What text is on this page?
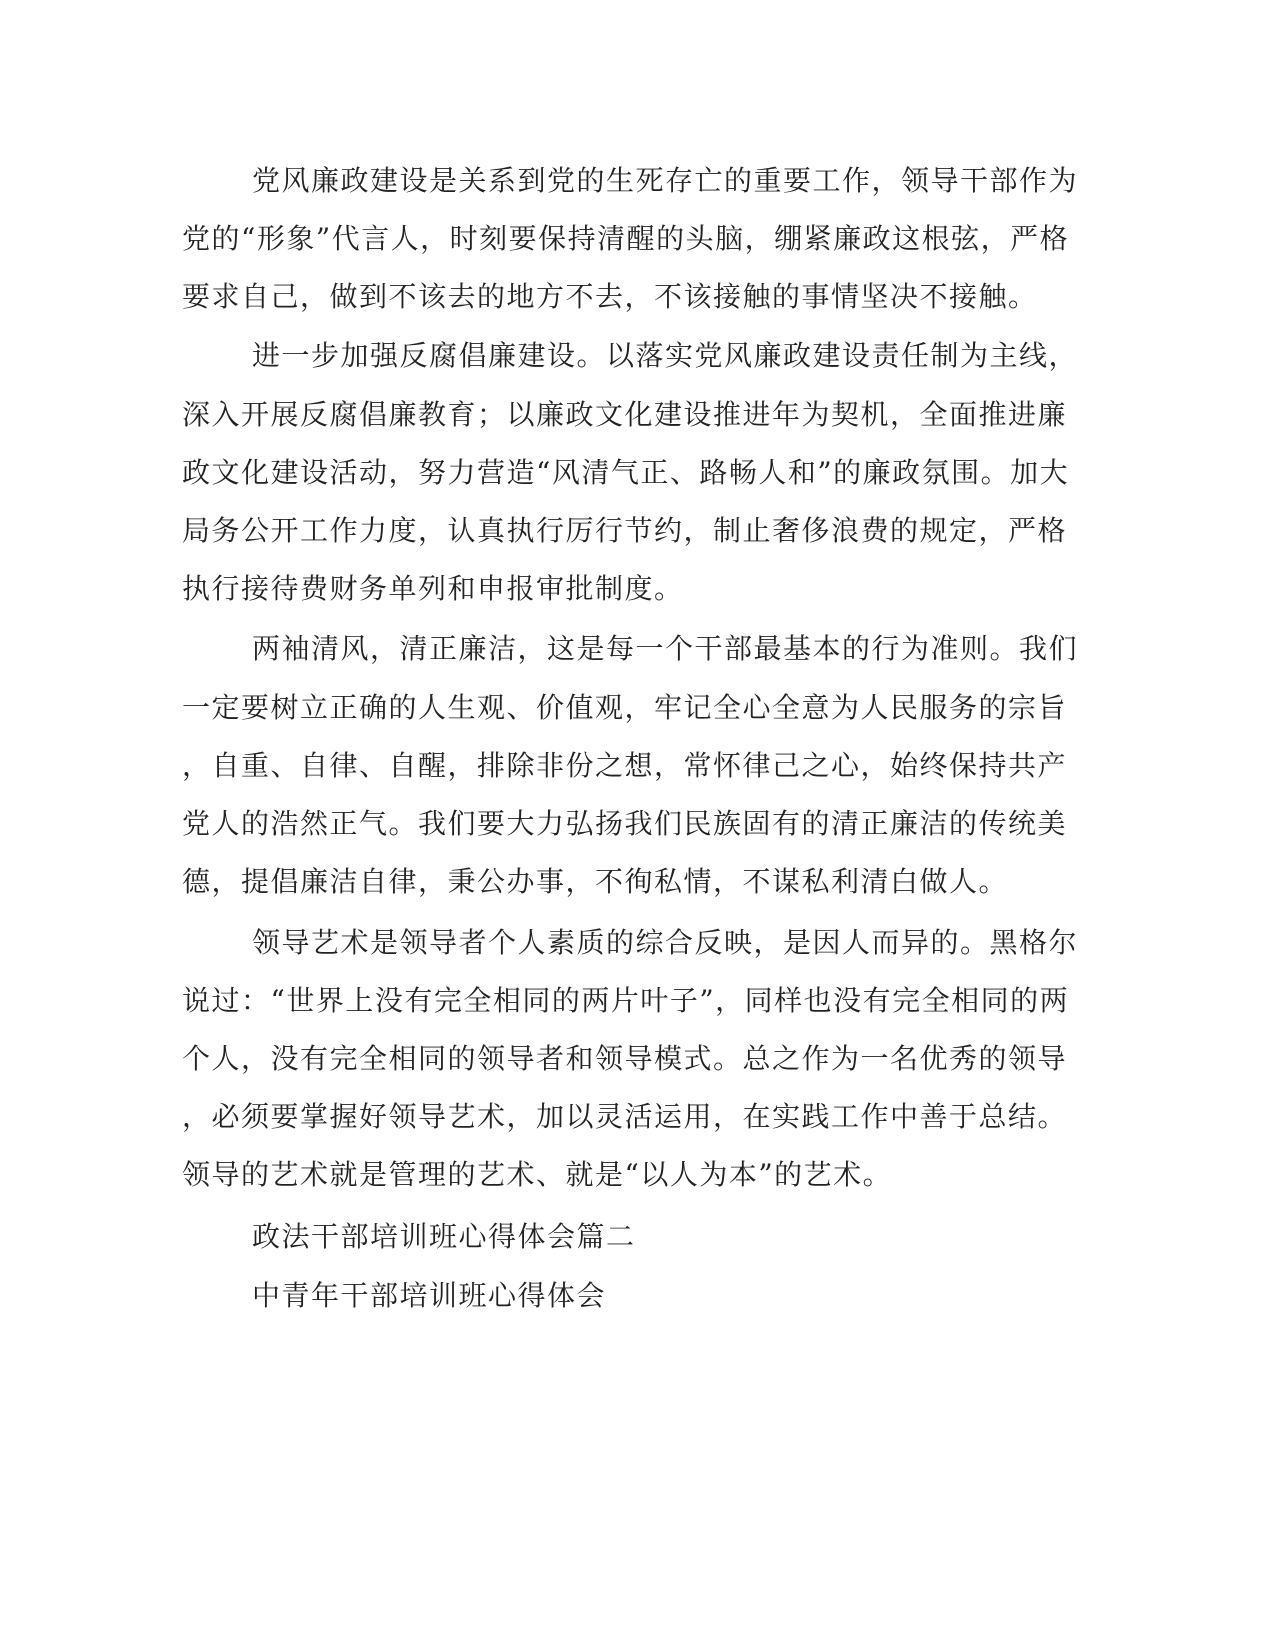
党风廉政建设是关系到党的生死存亡的重要工作，领导干部作为
党的“形象”代言人，时刻要保持清醒的头脑，绷紧廉政这根弦，严格
要求自己，做到不该去的地方不去，不该接触的事情坚决不接触。
进一步加强反腐倡廉建设。以落实党风廉政建设责任制为主线，
深入开展反腐倡廉教育；以廉政文化建设推进年为契机，全面推进廉
政文化建设活动，努力营造“风清气正、路畅人和”的廉政氛围。加大
局务公开工作力度，认真执行厉行节约，制止奢侈浪费的规定，严格
执行接待费财务单列和申报审批制度。
两袖清风，清正廉洁，这是每一个干部最基本的行为准则。我们
一定要树立正确的人生观、价值观，牢记全心全意为人民服务的宗旨
，自重、自律、自醒，排除非份之想，常怀律己之心，始终保持共产
党人的浩然正气。我们要大力弘扬我们民族固有的清正廉洁的传统美
德，提倡廉洁自律，秉公办事，不徇私情，不谋私利清白做人。
领导艺术是领导者个人素质的综合反映，是因人而异的。黑格尔
说过：“世界上没有完全相同的两片叶子”，同样也没有完全相同的两
个人，没有完全相同的领导者和领导模式。总之作为一名优秀的领导
，必须要掌握好领导艺术，加以灵活运用，在实践工作中善于总结。
领导的艺术就是管理的艺术、就是“以人为本”的艺术。
政法干部培训班心得体会篇二
中青年干部培训班心得体会
